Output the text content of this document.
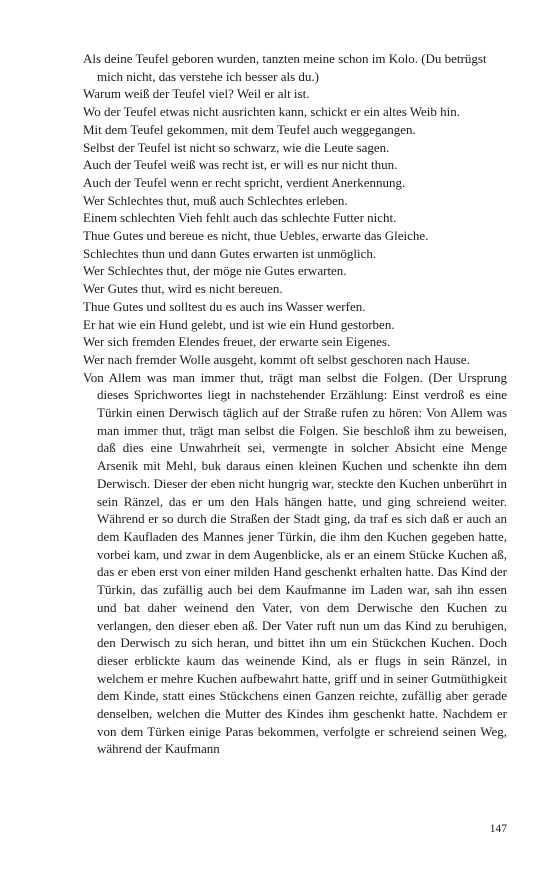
Als deine Teufel geboren wurden, tanzten meine schon im Kolo. (Du betrügst mich nicht, das verstehe ich besser als du.)

Warum weiß der Teufel viel? Weil er alt ist.

Wo der Teufel etwas nicht ausrichten kann, schickt er ein altes Weib hin.

Mit dem Teufel gekommen, mit dem Teufel auch weggegangen.

Selbst der Teufel ist nicht so schwarz, wie die Leute sagen.

Auch der Teufel weiß was recht ist, er will es nur nicht thun.

Auch der Teufel wenn er recht spricht, verdient Anerkennung.

Wer Schlechtes thut, muß auch Schlechtes erleben.

Einem schlechten Vieh fehlt auch das schlechte Futter nicht.

Thue Gutes und bereue es nicht, thue Uebles, erwarte das Gleiche.

Schlechtes thun und dann Gutes erwarten ist unmöglich.

Wer Schlechtes thut, der möge nie Gutes erwarten.

Wer Gutes thut, wird es nicht bereuen.

Thue Gutes und solltest du es auch ins Wasser werfen.

Er hat wie ein Hund gelebt, und ist wie ein Hund gestorben.

Wer sich fremden Elendes freuet, der erwarte sein Eigenes.

Wer nach fremder Wolle ausgeht, kommt oft selbst geschoren nach Hause.

Von Allem was man immer thut, trägt man selbst die Folgen. (Der Ursprung dieses Sprichwortes liegt in nachstehender Erzählung: Einst verdroß es eine Türkin einen Derwisch täglich auf der Straße rufen zu hören: Von Allem was man immer thut, trägt man selbst die Folgen. Sie beschloß ihm zu beweisen, daß dies eine Unwahrheit sei, vermengte in solcher Absicht eine Menge Arsenik mit Mehl, buk daraus einen kleinen Kuchen und schenkte ihn dem Derwisch. Dieser der eben nicht hungrig war, steckte den Kuchen unberührt in sein Ränzel, das er um den Hals hängen hatte, und ging schreiend weiter. Während er so durch die Straßen der Stadt ging, da traf es sich daß er auch an dem Kaufladen des Mannes jener Türkin, die ihm den Kuchen gegeben hatte, vorbei kam, und zwar in dem Augenblicke, als er an einem Stücke Kuchen aß, das er eben erst von einer milden Hand geschenkt erhalten hatte. Das Kind der Türkin, das zufällig auch bei dem Kaufmanne im Laden war, sah ihn essen und bat daher weinend den Vater, von dem Derwische den Kuchen zu verlangen, den dieser eben aß. Der Vater ruft nun um das Kind zu beruhigen, den Derwisch zu sich heran, und bittet ihn um ein Stückchen Kuchen. Doch dieser erblickte kaum das weinende Kind, als er flugs in sein Ränzel, in welchem er mehre Kuchen aufbewahrt hatte, griff und in seiner Gutmüthigkeit dem Kinde, statt eines Stückchens einen Ganzen reichte, zufällig aber gerade denselben, welchen die Mutter des Kindes ihm geschenkt hatte. Nachdem er von dem Türken einige Paras bekommen, verfolgte er schreiend seinen Weg, während der Kaufmann

147
